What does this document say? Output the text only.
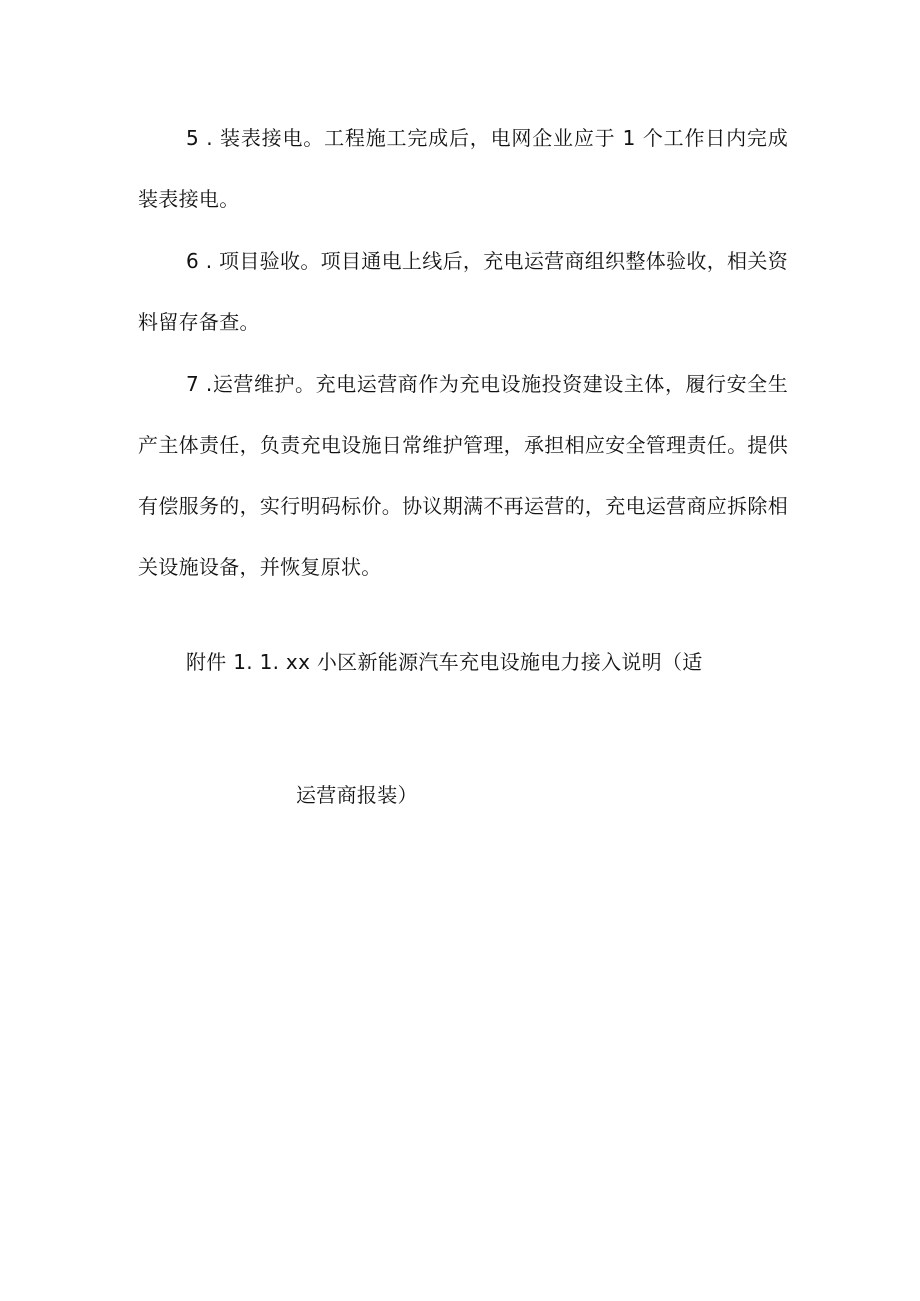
5 . 装表接电。工程施工完成后，电网企业应于 1 个工作日内完成装表接电。

6 . 项目验收。项目通电上线后，充电运营商组织整体验收，相关资料留存备查。

7 .运营维护。充电运营商作为充电设施投资建设主体，履行安全生产主体责任，负责充电设施日常维护管理，承担相应安全管理责任。提供有偿服务的，实行明码标价。协议期满不再运营的，充电运营商应拆除相关设施设备，并恢复原状。

附件 1. 1. xx 小区新能源汽车充电设施电力接入说明（适

运营商报装）
